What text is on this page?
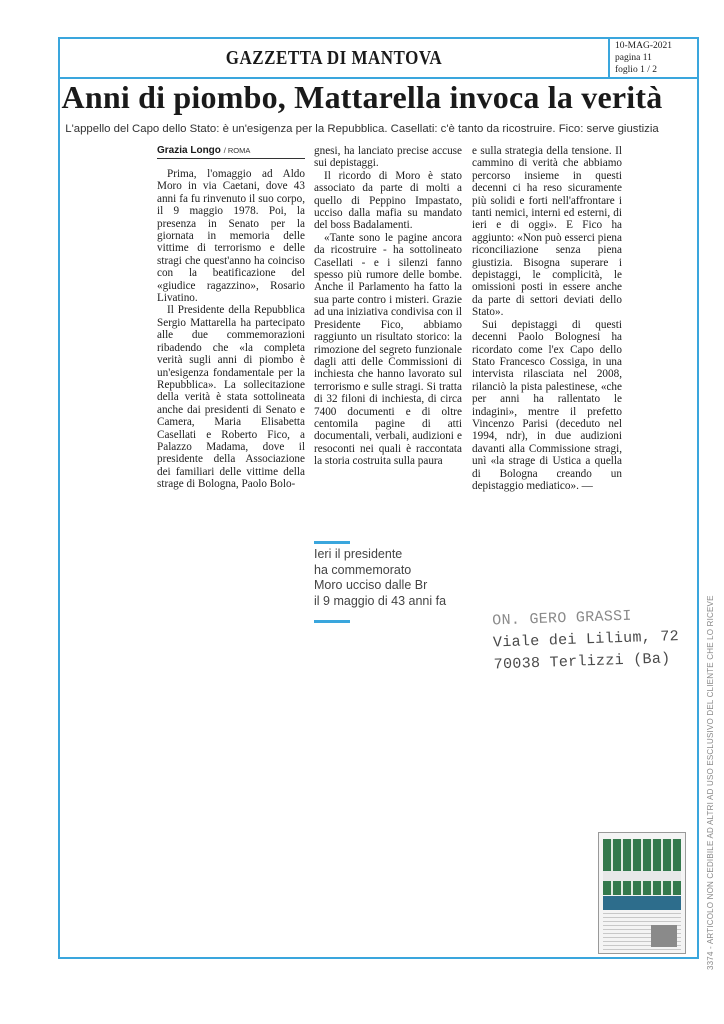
GAZZETTA DI MANTOVA
10-MAG-2021
pagina 11
foglio 1 / 2
Anni di piombo, Mattarella invoca la verità
L'appello del Capo dello Stato: è un'esigenza per la Repubblica. Casellati: c'è tanto da ricostruire. Fico: serve giustizia
Grazia Longo / ROMA

Prima, l'omaggio ad Aldo Moro in via Caetani, dove 43 anni fa fu rinvenuto il suo corpo, il 9 maggio 1978. Poi, la presenza in Senato per la giornata in memoria delle vittime di terrorismo e delle stragi che quest'anno ha coinciso con la beatificazione del «giudice ragazzino», Rosario Livatino.

Il Presidente della Repubblica Sergio Mattarella ha partecipato alle due commemorazioni ribadendo che «la completa verità sugli anni di piombo è un'esigenza fondamentale per la Repubblica». La sollecitazione della verità è stata sottolineata anche dai presidenti di Senato e Camera, Maria Elisabetta Casellati e Roberto Fico, a Palazzo Madama, dove il presidente della Associazione dei familiari delle vittime della strage di Bologna, Paolo Bolo-

gnesi, ha lanciato precise accuse sui depistaggi.

Il ricordo di Moro è stato associato da parte di molti a quello di Peppino Impastato, ucciso dalla mafia su mandato del boss Badalamenti.

«Tante sono le pagine ancora da ricostruire - ha sottolineato Casellati - e i silenzi fanno spesso più rumore delle bombe. Anche il Parlamento ha fatto la sua parte contro i misteri. Grazie ad una iniziativa condivisa con il Presidente Fico, abbiamo raggiunto un risultato storico: la rimozione del segreto funzionale dagli atti delle Commissioni di inchiesta che hanno lavorato sul terrorismo e sulle stragi. Si tratta di 32 filoni di inchiesta, di circa 7400 documenti e di oltre centomila pagine di atti documentali, verbali, audizioni e resoconti nei quali è raccontata la storia costruita sulla paura

e sulla strategia della tensione. Il cammino di verità che abbiamo percorso insieme in questi decenni ci ha reso sicuramente più solidi e forti nell'affrontare i tanti nemici, interni ed esterni, di ieri e di oggi». E Fico ha aggiunto: «Non può esserci piena riconciliazione senza piena giustizia. Bisogna superare i depistaggi, le complicità, le omissioni posti in essere anche da parte di settori deviati dello Stato».

Sui depistaggi di questi decenni Paolo Bolognesi ha ricordato come l'ex Capo dello Stato Francesco Cossiga, in una intervista rilasciata nel 2008, rilanciò la pista palestinese, «che per anni ha rallentato le indagini», mentre il prefetto Vincenzo Parisi (deceduto nel 1994, ndr), in due audizioni davanti alla Commissione stragi, unì «la strage di Ustica a quella di Bologna creando un depistaggio mediatico». —

Ieri il presidente
ha commemorato
Moro ucciso dalle Br
il 9 maggio di 43 anni fa
ON. GERO GRASSI
Viale dei Lilium, 72
70038 Terlizzi (Ba)	3374 - ARTICOLO NON CEDIBILE AD ALTRI AD USO ESCLUSIVO DEL CLIENTE CHE LO RICEVE
